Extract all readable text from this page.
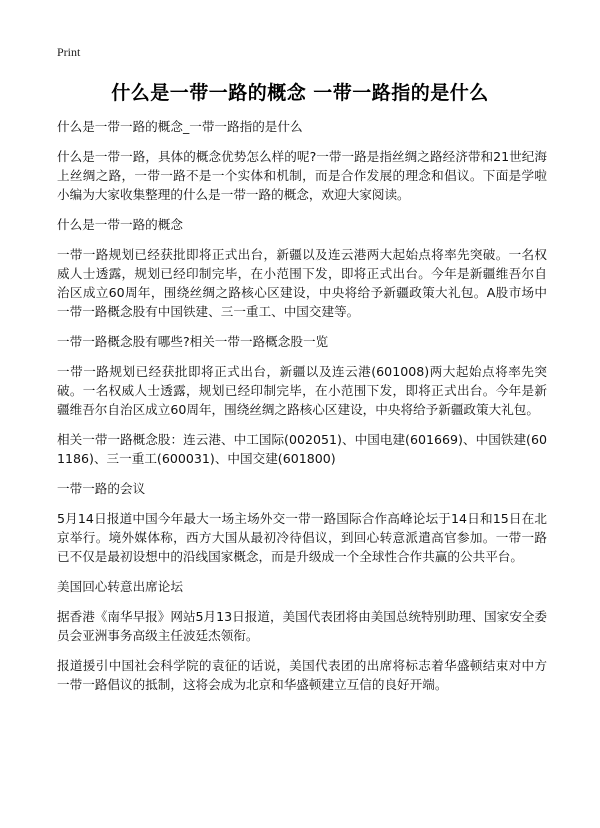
Print
什么是一带一路的概念 一带一路指的是什么

什么是一带一路的概念_一带一路指的是什么

什么是一带一路，具体的概念优势怎么样的呢?一带一路是指丝绸之路经济带和21世纪海上丝绸之路，一带一路不是一个实体和机制，而是合作发展的理念和倡议。下面是学啦小编为大家收集整理的什么是一带一路的概念，欢迎大家阅读。

什么是一带一路的概念

一带一路规划已经获批即将正式出台，新疆以及连云港两大起始点将率先突破。一名权威人士透露，规划已经印制完毕，在小范围下发，即将正式出台。今年是新疆维吾尔自治区成立60周年，围绕丝绸之路核心区建设，中央将给予新疆政策大礼包。A股市场中一带一路概念股有中国铁建、三一重工、中国交建等。

一带一路概念股有哪些?相关一带一路概念股一览

一带一路规划已经获批即将正式出台，新疆以及连云港(601008)两大起始点将率先突破。一名权威人士透露，规划已经印制完毕，在小范围下发，即将正式出台。今年是新疆维吾尔自治区成立60周年，围绕丝绸之路核心区建设，中央将给予新疆政策大礼包。

相关一带一路概念股：连云港、中工国际(002051)、中国电建(601669)、中国铁建(601186)、三一重工(600031)、中国交建(601800)

一带一路的会议

5月14日报道中国今年最大一场主场外交一带一路国际合作高峰论坛于14日和15日在北京举行。境外媒体称，西方大国从最初冷待倡议，到回心转意派遣高官参加。一带一路已不仅是最初设想中的沿线国家概念，而是升级成一个全球性合作共赢的公共平台。

美国回心转意出席论坛

据香港《南华早报》网站5月13日报道，美国代表团将由美国总统特别助理、国家安全委员会亚洲事务高级主任波廷杰领衔。

报道援引中国社会科学院的袁征的话说，美国代表团的出席将标志着华盛顿结束对中方一带一路倡议的抵制，这将会成为北京和华盛顿建立互信的良好开端。
